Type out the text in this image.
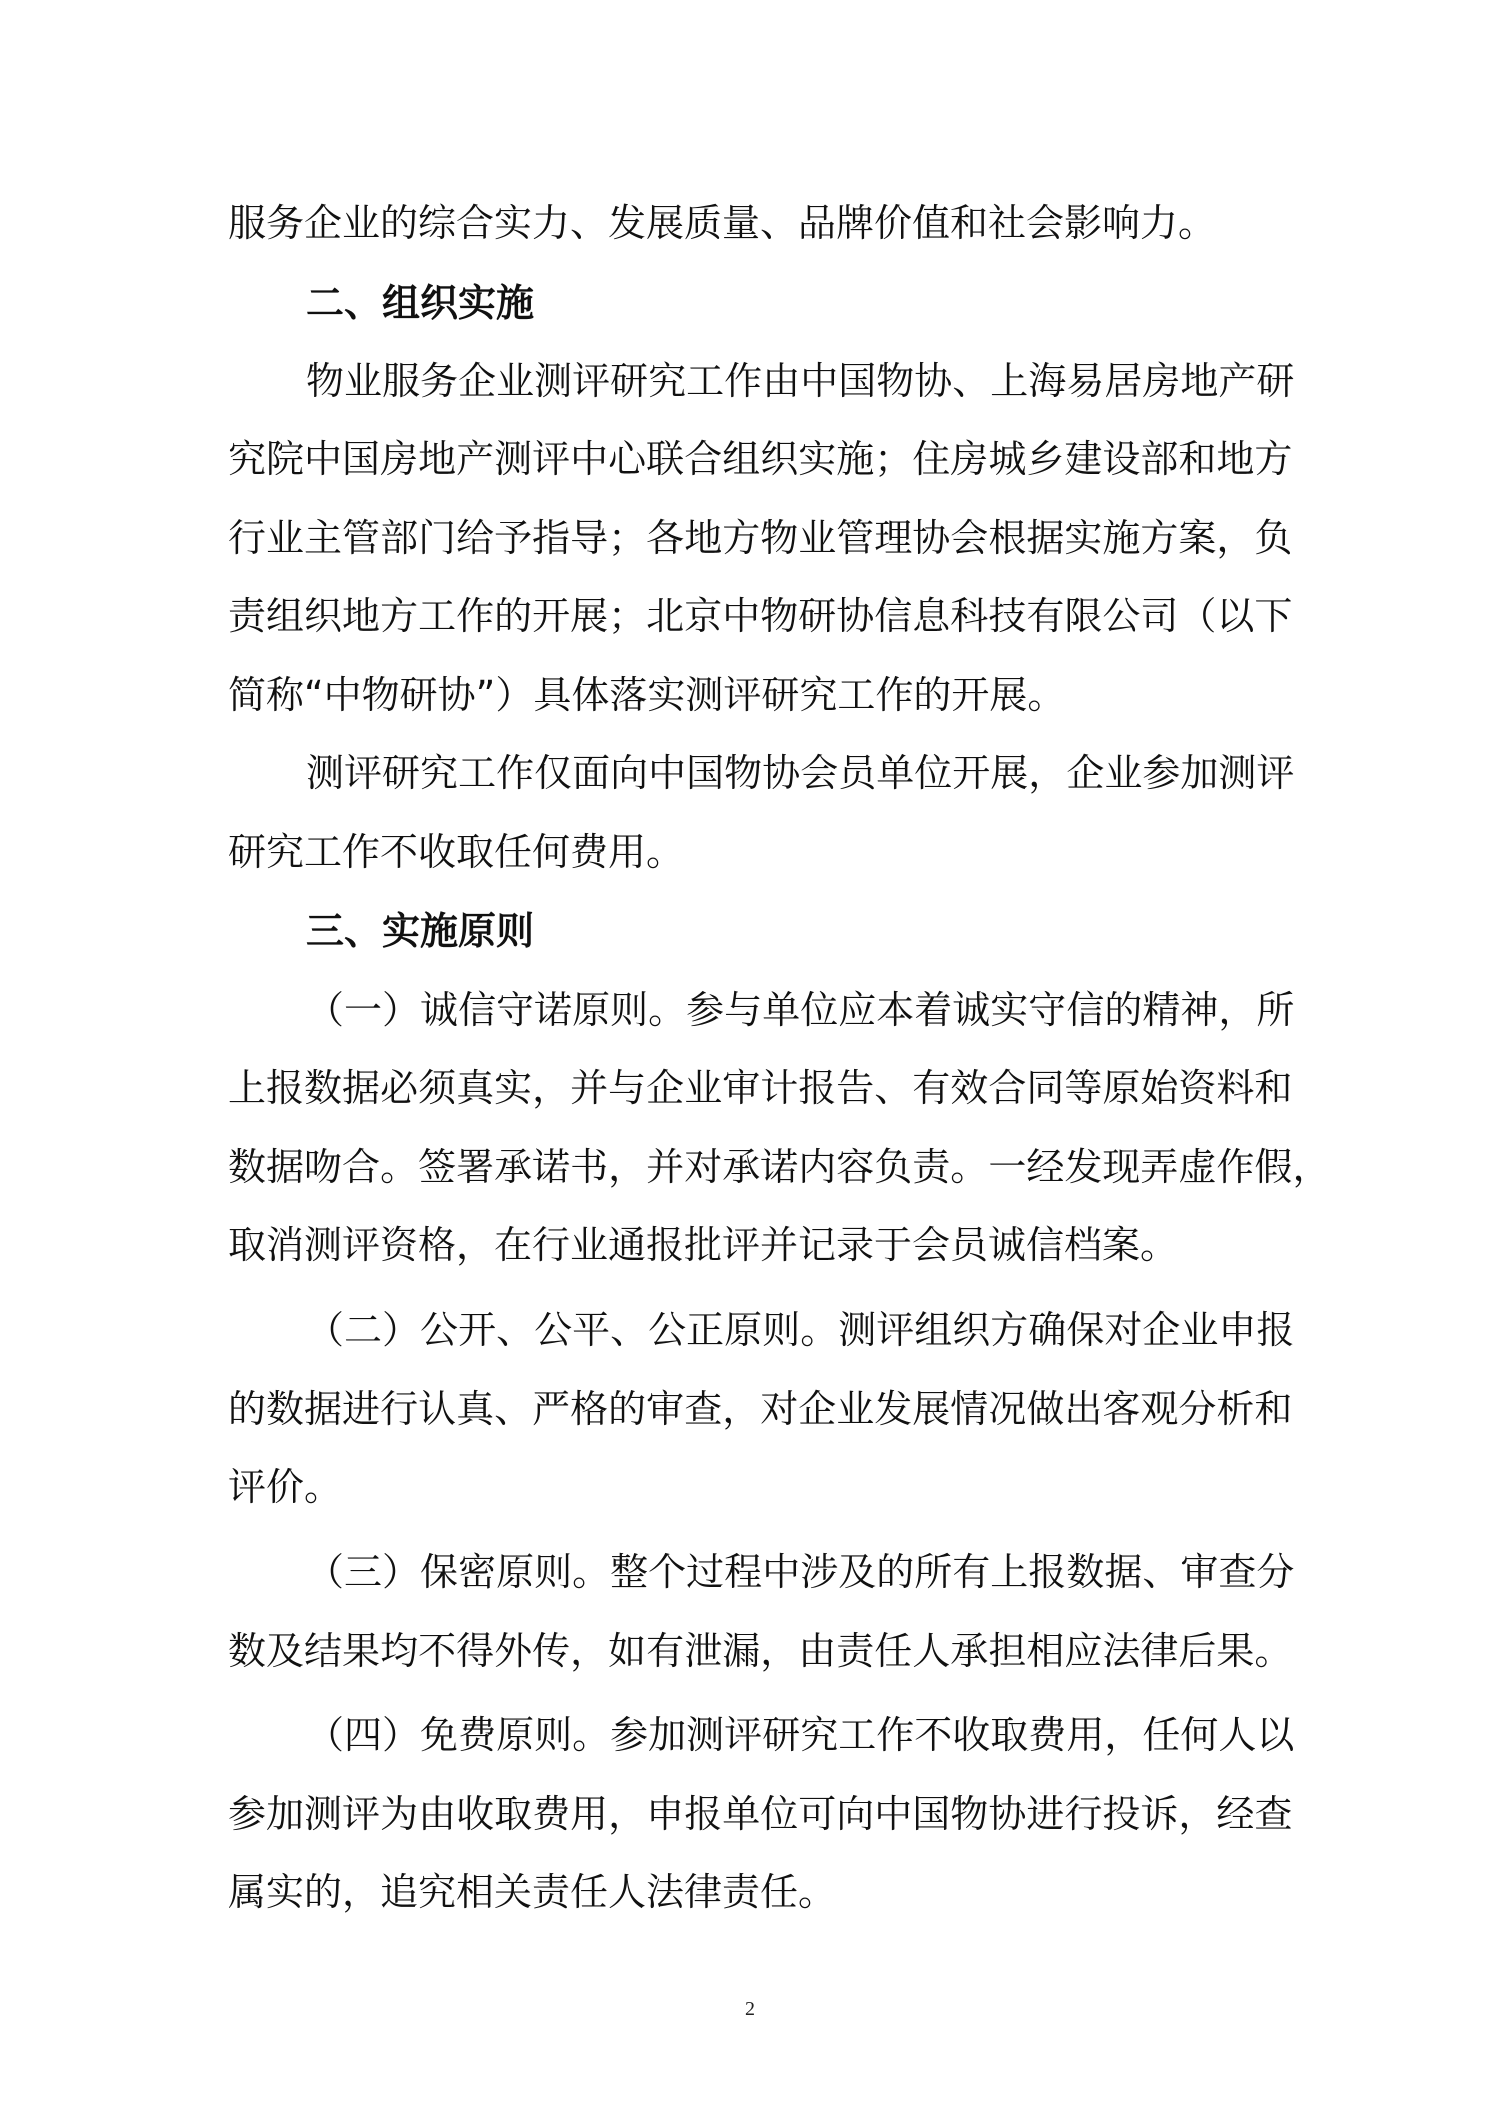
服务企业的综合实力、发展质量、品牌价值和社会影响力。
二、组织实施
物 业 服 务 企 业 测 评 研 究 工 作 由 中 国 物 协 、 上 海 易 居 房 地 产 研
究 院 中 国 房 地 产 测 评 中 心 联 合 组 织 实 施 ； 住 房 城 乡 建 设 部 和 地 方
行 业 主 管 部 门 给 予 指 导 ； 各 地 方 物 业 管 理 协 会 根 据 实 施 方 案 ， 负
责 组 织 地 方 工 作 的 开 展 ； 北 京 中 物 研 协 信 息 科 技 有 限 公 司 （ 以 下
简称“中物研协”）具体落实测评研究工作的开展。
测 评 研 究 工 作 仅 面 向 中 国 物 协 会 员 单 位 开 展 ， 企 业 参 加 测 评
研究工作不收取任何费用。
三、实施原则
（ 一 ） 诚 信 守 诺 原 则 。 参 与 单 位 应 本 着 诚 实 守 信 的 精 神 ， 所
上 报 数 据 必 须 真 实 ， 并 与 企 业 审 计 报 告 、 有 效 合 同 等 原 始 资 料 和
数 据 吻 合 。 签 署 承 诺 书 ， 并 对 承 诺 内 容 负 责 。 一 经 发 现 弄 虚 作 假 ，
取消测评资格，在行业通报批评并记录于会员诚信档案。
（ 二 ） 公 开 、 公 平 、 公 正 原 则 。 测 评 组 织 方 确 保 对 企 业 申 报
的 数 据 进 行 认 真 、 严 格 的 审 查 ， 对 企 业 发 展 情 况 做 出 客 观 分 析 和
评价。
（ 三 ） 保 密 原 则 。 整 个 过 程 中 涉 及 的 所 有 上 报 数 据 、 审 查 分
数 及 结 果 均 不 得 外 传 ， 如 有 泄 漏 ， 由 责 任 人 承 担 相 应 法 律 后 果 。
（ 四 ） 免 费 原 则 。 参 加 测 评 研 究 工 作 不 收 取 费 用 ， 任 何 人 以
参 加 测 评 为 由 收 取 费 用 ， 申 报 单 位 可 向 中 国 物 协 进 行 投 诉 ， 经 查
属实的，追究相关责任人法律责任。
2
